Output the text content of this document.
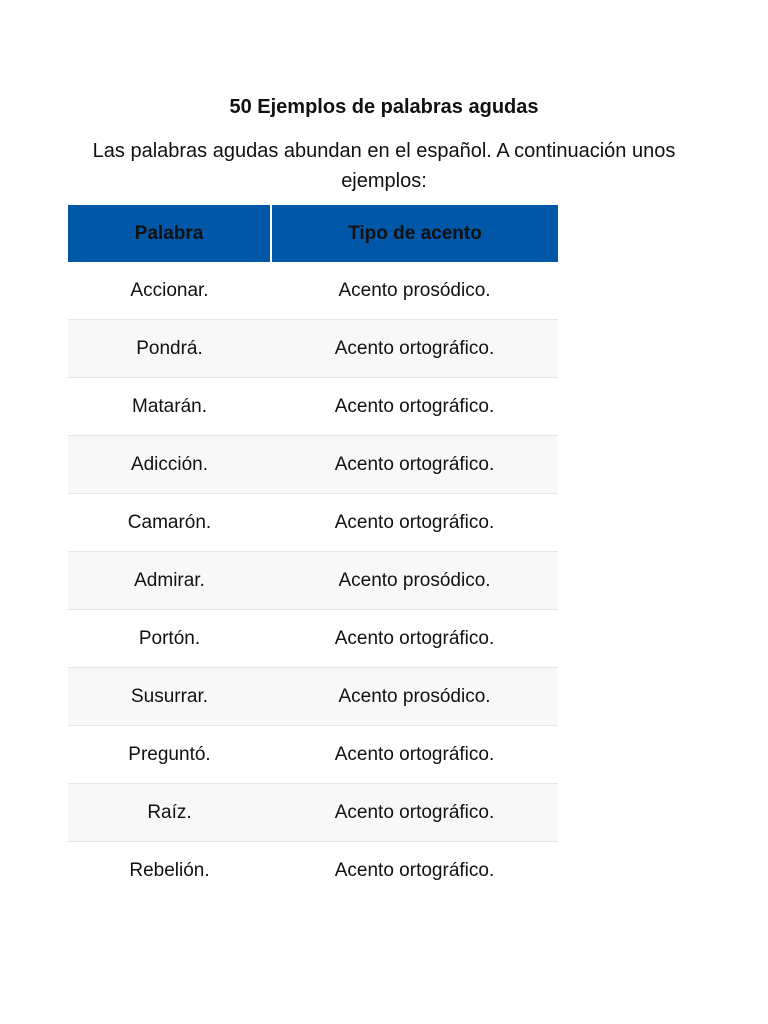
50 Ejemplos de palabras agudas
Las palabras agudas abundan en el español. A continuación unos ejemplos:
Palabra	Tipo de acento
Accionar.	Acento prosódico.
Pondrá.	Acento ortográfico.
Matarán.	Acento ortográfico.
Adicción.	Acento ortográfico.
Camarón.	Acento ortográfico.
Admirar.	Acento prosódico.
Portón.	Acento ortográfico.
Susurrar.	Acento prosódico.
Preguntó.	Acento ortográfico.
Raíz.	Acento ortográfico.
Rebelión.	Acento ortográfico.
